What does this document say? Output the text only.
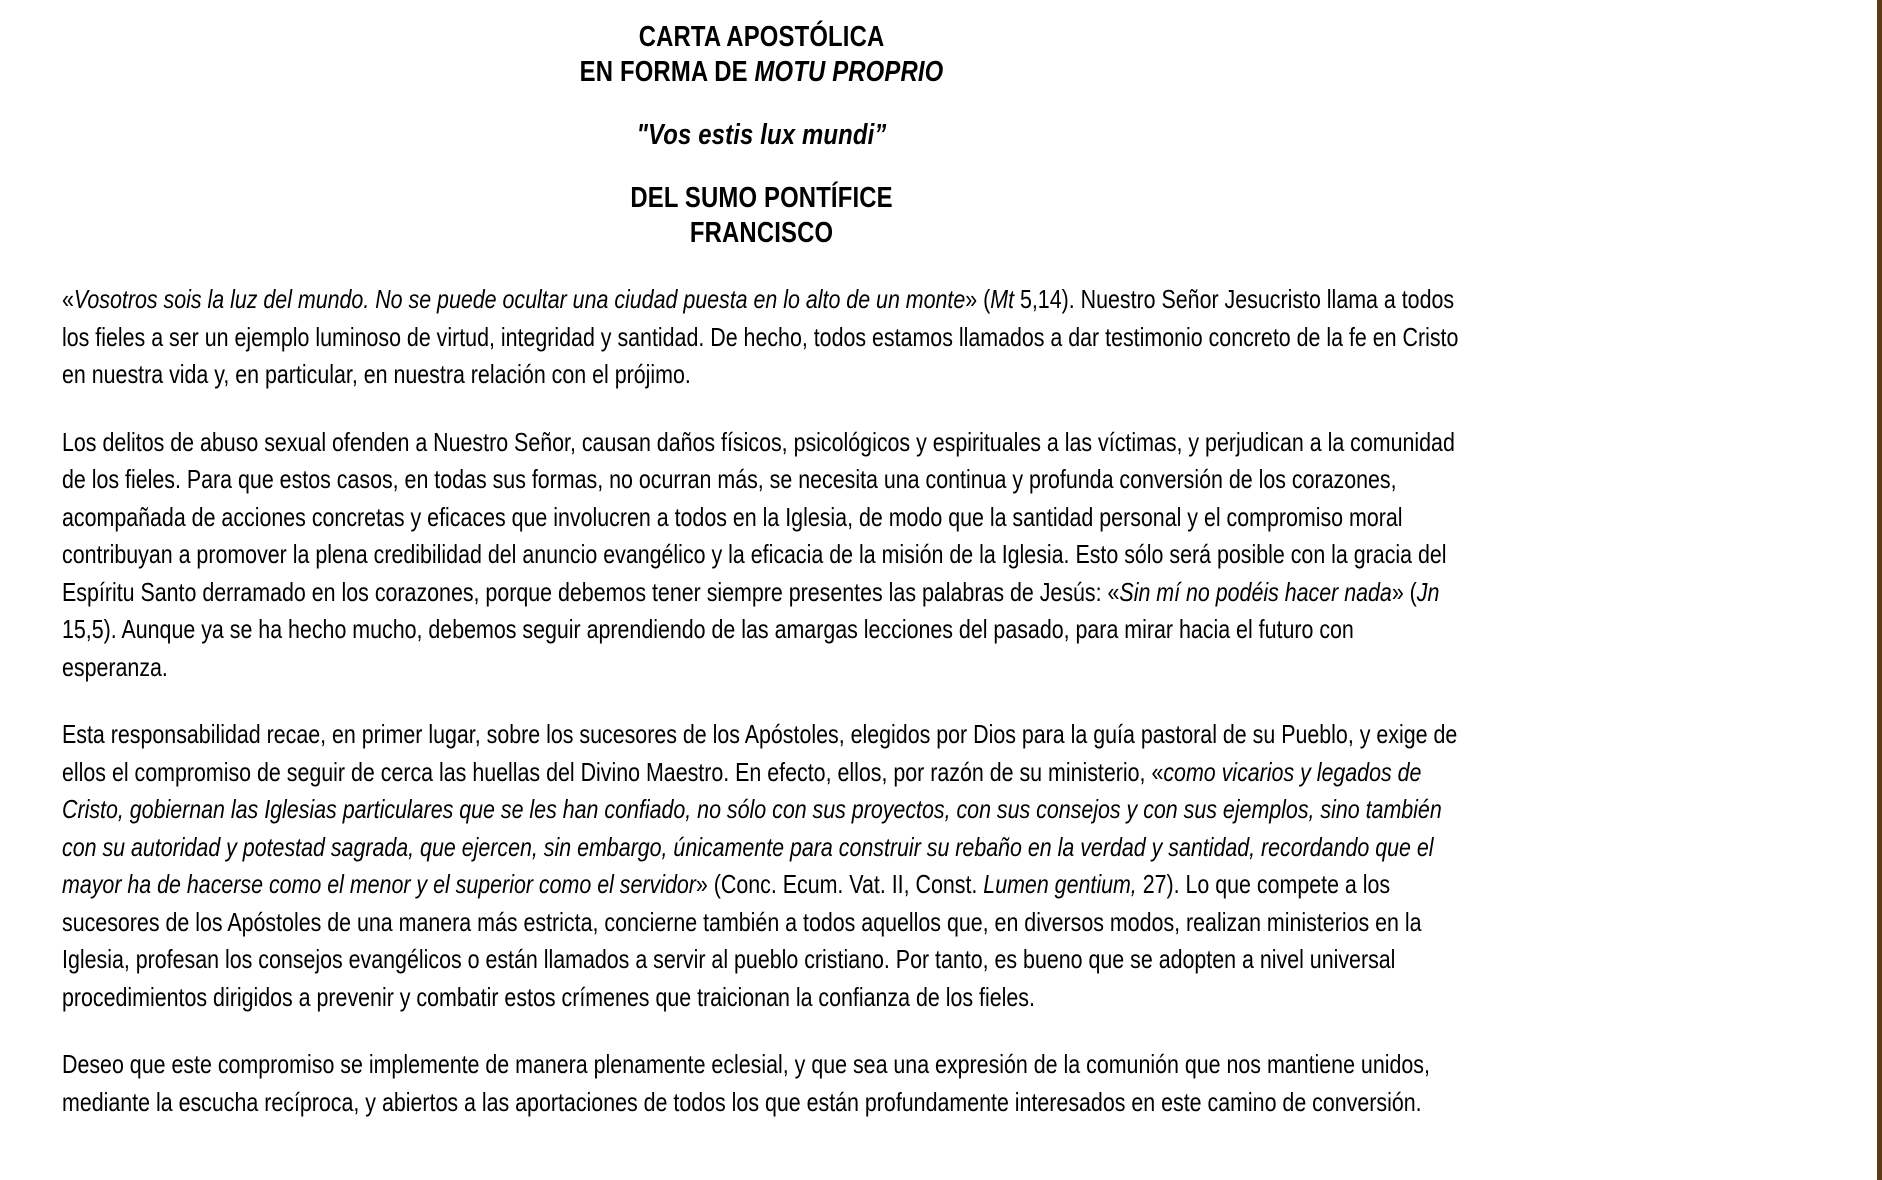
CARTA APOSTÓLICA
EN FORMA DE MOTU PROPRIO
"Vos estis lux mundi”
DEL SUMO PONTÍFICE
FRANCISCO

«Vosotros sois la luz del mundo. No se puede ocultar una ciudad puesta en lo alto de un monte» (Mt 5,14). Nuestro Señor Jesucristo llama a todos los fieles a ser un ejemplo luminoso de virtud, integridad y santidad. De hecho, todos estamos llamados a dar testimonio concreto de la fe en Cristo en nuestra vida y, en particular, en nuestra relación con el prójimo.

Los delitos de abuso sexual ofenden a Nuestro Señor, causan daños físicos, psicológicos y espirituales a las víctimas, y perjudican a la comunidad de los fieles. Para que estos casos, en todas sus formas, no ocurran más, se necesita una continua y profunda conversión de los corazones, acompañada de acciones concretas y eficaces que involucren a todos en la Iglesia, de modo que la santidad personal y el compromiso moral contribuyan a promover la plena credibilidad del anuncio evangélico y la eficacia de la misión de la Iglesia. Esto sólo será posible con la gracia del Espíritu Santo derramado en los corazones, porque debemos tener siempre presentes las palabras de Jesús: «Sin mí no podéis hacer nada» (Jn 15,5). Aunque ya se ha hecho mucho, debemos seguir aprendiendo de las amargas lecciones del pasado, para mirar hacia el futuro con esperanza.

Esta responsabilidad recae, en primer lugar, sobre los sucesores de los Apóstoles, elegidos por Dios para la guía pastoral de su Pueblo, y exige de ellos el compromiso de seguir de cerca las huellas del Divino Maestro. En efecto, ellos, por razón de su ministerio, «como vicarios y legados de Cristo, gobiernan las Iglesias particulares que se les han confiado, no sólo con sus proyectos, con sus consejos y con sus ejemplos, sino también con su autoridad y potestad sagrada, que ejercen, sin embargo, únicamente para construir su rebaño en la verdad y santidad, recordando que el mayor ha de hacerse como el menor y el superior como el servidor» (Conc. Ecum. Vat. II, Const. Lumen gentium, 27). Lo que compete a los sucesores de los Apóstoles de una manera más estricta, concierne también a todos aquellos que, en diversos modos, realizan ministerios en la Iglesia, profesan los consejos evangélicos o están llamados a servir al pueblo cristiano. Por tanto, es bueno que se adopten a nivel universal procedimientos dirigidos a prevenir y combatir estos crímenes que traicionan la confianza de los fieles.

Deseo que este compromiso se implemente de manera plenamente eclesial, y que sea una expresión de la comunión que nos mantiene unidos, mediante la escucha recíproca, y abiertos a las aportaciones de todos los que están profundamente interesados en este camino de conversión.
